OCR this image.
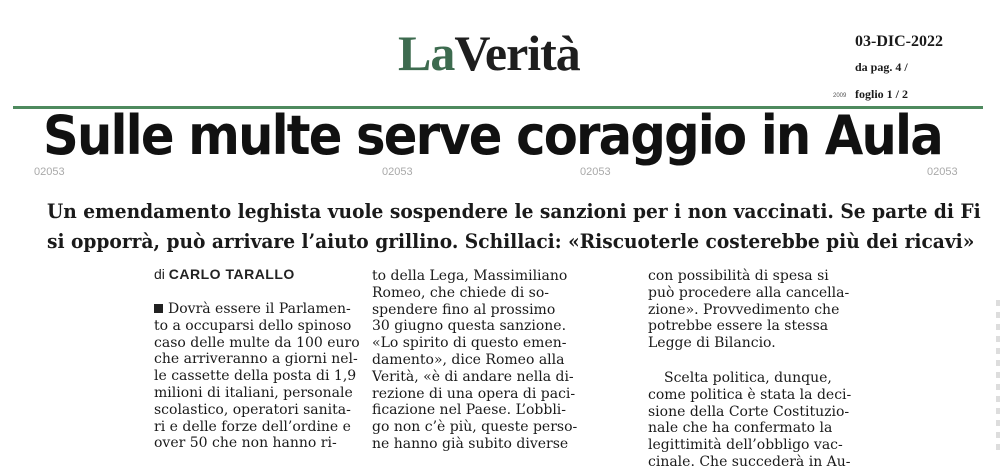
LaVerità	03-DIC-2022
da pag. 4 /
foglio 1 / 2
2009
Sulle multe serve coraggio in Aula
02053	02053	02053	02053
Un emendamento leghista vuole sospendere le sanzioni per i non vaccinati. Se parte di Fi
si opporrà, può arrivare l’aiuto grillino. Schillaci: «Riscuoterle costerebbe più dei ricavi»
di CARLO TARALLO
Dovrà essere il Parlamen-
to a occuparsi dello spinoso
caso delle multe da 100 euro
che arriveranno a giorni nel-
le cassette della posta di 1,9
milioni di italiani, personale
scolastico, operatori sanita-
ri e delle forze dell’ordine e
over 50 che non hanno ri-
to della Lega, Massimiliano
Romeo, che chiede di so-
spendere fino al prossimo
30 giugno questa sanzione.
«Lo spirito di questo emen-
damento», dice Romeo alla
Verità, «è di andare nella di-
rezione di una opera di paci-
ficazione nel Paese. L’obbli-
go non c’è più, queste perso-
ne hanno già subito diverse
con possibilità di spesa si
può procedere alla cancella-
zione». Provvedimento che
potrebbe essere la stessa
Legge di Bilancio.
Scelta politica, dunque,
come politica è stata la deci-
sione della Corte Costituzio-
nale che ha confermato la
legittimità dell’obbligo vac-
cinale. Che succederà in Au-
